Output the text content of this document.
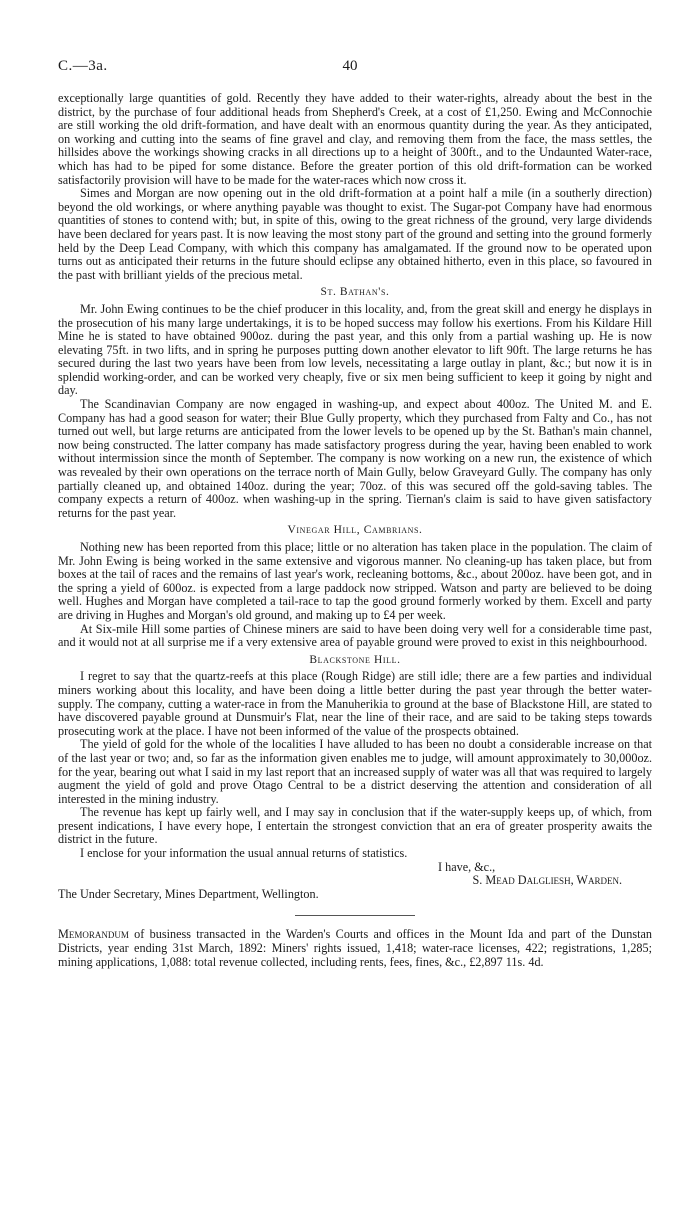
C.—3a.	40

exceptionally large quantities of gold. Recently they have added to their water-rights, already about the best in the district, by the purchase of four additional heads from Shepherd's Creek, at a cost of £1,250. Ewing and McConnochie are still working the old drift-formation, and have dealt with an enormous quantity during the year. As they anticipated, on working and cutting into the seams of fine gravel and clay, and removing them from the face, the mass settles, the hillsides above the workings showing cracks in all directions up to a height of 300ft., and to the Undaunted Water-race, which has had to be piped for some distance. Before the greater portion of this old drift-formation can be worked satisfactorily provision will have to be made for the water-races which now cross it.

Simes and Morgan are now opening out in the old drift-formation at a point half a mile (in a southerly direction) beyond the old workings, or where anything payable was thought to exist. The Sugar-pot Company have had enormous quantities of stones to contend with; but, in spite of this, owing to the great richness of the ground, very large dividends have been declared for years past. It is now leaving the most stony part of the ground and setting into the ground formerly held by the Deep Lead Company, with which this company has amalgamated. If the ground now to be operated upon turns out as anticipated their returns in the future should eclipse any obtained hitherto, even in this place, so favoured in the past with brilliant yields of the precious metal.

St. Bathan's.

Mr. John Ewing continues to be the chief producer in this locality, and, from the great skill and energy he displays in the prosecution of his many large undertakings, it is to be hoped success may follow his exertions. From his Kildare Hill Mine he is stated to have obtained 900oz. during the past year, and this only from a partial washing up. He is now elevating 75ft. in two lifts, and in spring he purposes putting down another elevator to lift 90ft. The large returns he has secured during the last two years have been from low levels, necessitating a large outlay in plant, &c.; but now it is in splendid working-order, and can be worked very cheaply, five or six men being sufficient to keep it going by night and day.

The Scandinavian Company are now engaged in washing-up, and expect about 400oz. The United M. and E. Company has had a good season for water; their Blue Gully property, which they purchased from Falty and Co., has not turned out well, but large returns are anticipated from the lower levels to be opened up by the St. Bathan's main channel, now being constructed. The latter company has made satisfactory progress during the year, having been enabled to work without intermission since the month of September. The company is now working on a new run, the existence of which was revealed by their own operations on the terrace north of Main Gully, below Graveyard Gully. The company has only partially cleaned up, and obtained 140oz. during the year; 70oz. of this was secured off the gold-saving tables. The company expects a return of 400oz. when washing-up in the spring. Tiernan's claim is said to have given satisfactory returns for the past year.

Vinegar Hill, Cambrians.

Nothing new has been reported from this place; little or no alteration has taken place in the population. The claim of Mr. John Ewing is being worked in the same extensive and vigorous manner. No cleaning-up has taken place, but from boxes at the tail of races and the remains of last year's work, recleaning bottoms, &c., about 200oz. have been got, and in the spring a yield of 600oz. is expected from a large paddock now stripped. Watson and party are believed to be doing well. Hughes and Morgan have completed a tail-race to tap the good ground formerly worked by them. Excell and party are driving in Hughes and Morgan's old ground, and making up to £4 per week.

At Six-mile Hill some parties of Chinese miners are said to have been doing very well for a considerable time past, and it would not at all surprise me if a very extensive area of payable ground were proved to exist in this neighbourhood.

Blackstone Hill.

I regret to say that the quartz-reefs at this place (Rough Ridge) are still idle; there are a few parties and individual miners working about this locality, and have been doing a little better during the past year through the better water-supply. The company, cutting a water-race in from the Manuherikia to ground at the base of Blackstone Hill, are stated to have discovered payable ground at Dunsmuir's Flat, near the line of their race, and are said to be taking steps towards prosecuting work at the place. I have not been informed of the value of the prospects obtained.

The yield of gold for the whole of the localities I have alluded to has been no doubt a considerable increase on that of the last year or two; and, so far as the information given enables me to judge, will amount approximately to 30,000oz. for the year, bearing out what I said in my last report that an increased supply of water was all that was required to largely augment the yield of gold and prove Otago Central to be a district deserving the attention and consideration of all interested in the mining industry.

The revenue has kept up fairly well, and I may say in conclusion that if the water-supply keeps up, of which, from present indications, I have every hope, I entertain the strongest conviction that an era of greater prosperity awaits the district in the future.

I enclose for your information the usual annual returns of statistics.

I have, &c.,
S. Mead Dalgliesh, Warden.

The Under Secretary, Mines Department, Wellington.

Memorandum of business transacted in the Warden's Courts and offices in the Mount Ida and part of the Dunstan Districts, year ending 31st March, 1892: Miners' rights issued, 1,418; water-race licenses, 422; registrations, 1,285; mining applications, 1,088: total revenue collected, including rents, fees, fines, &c., £2,897 11s. 4d.
